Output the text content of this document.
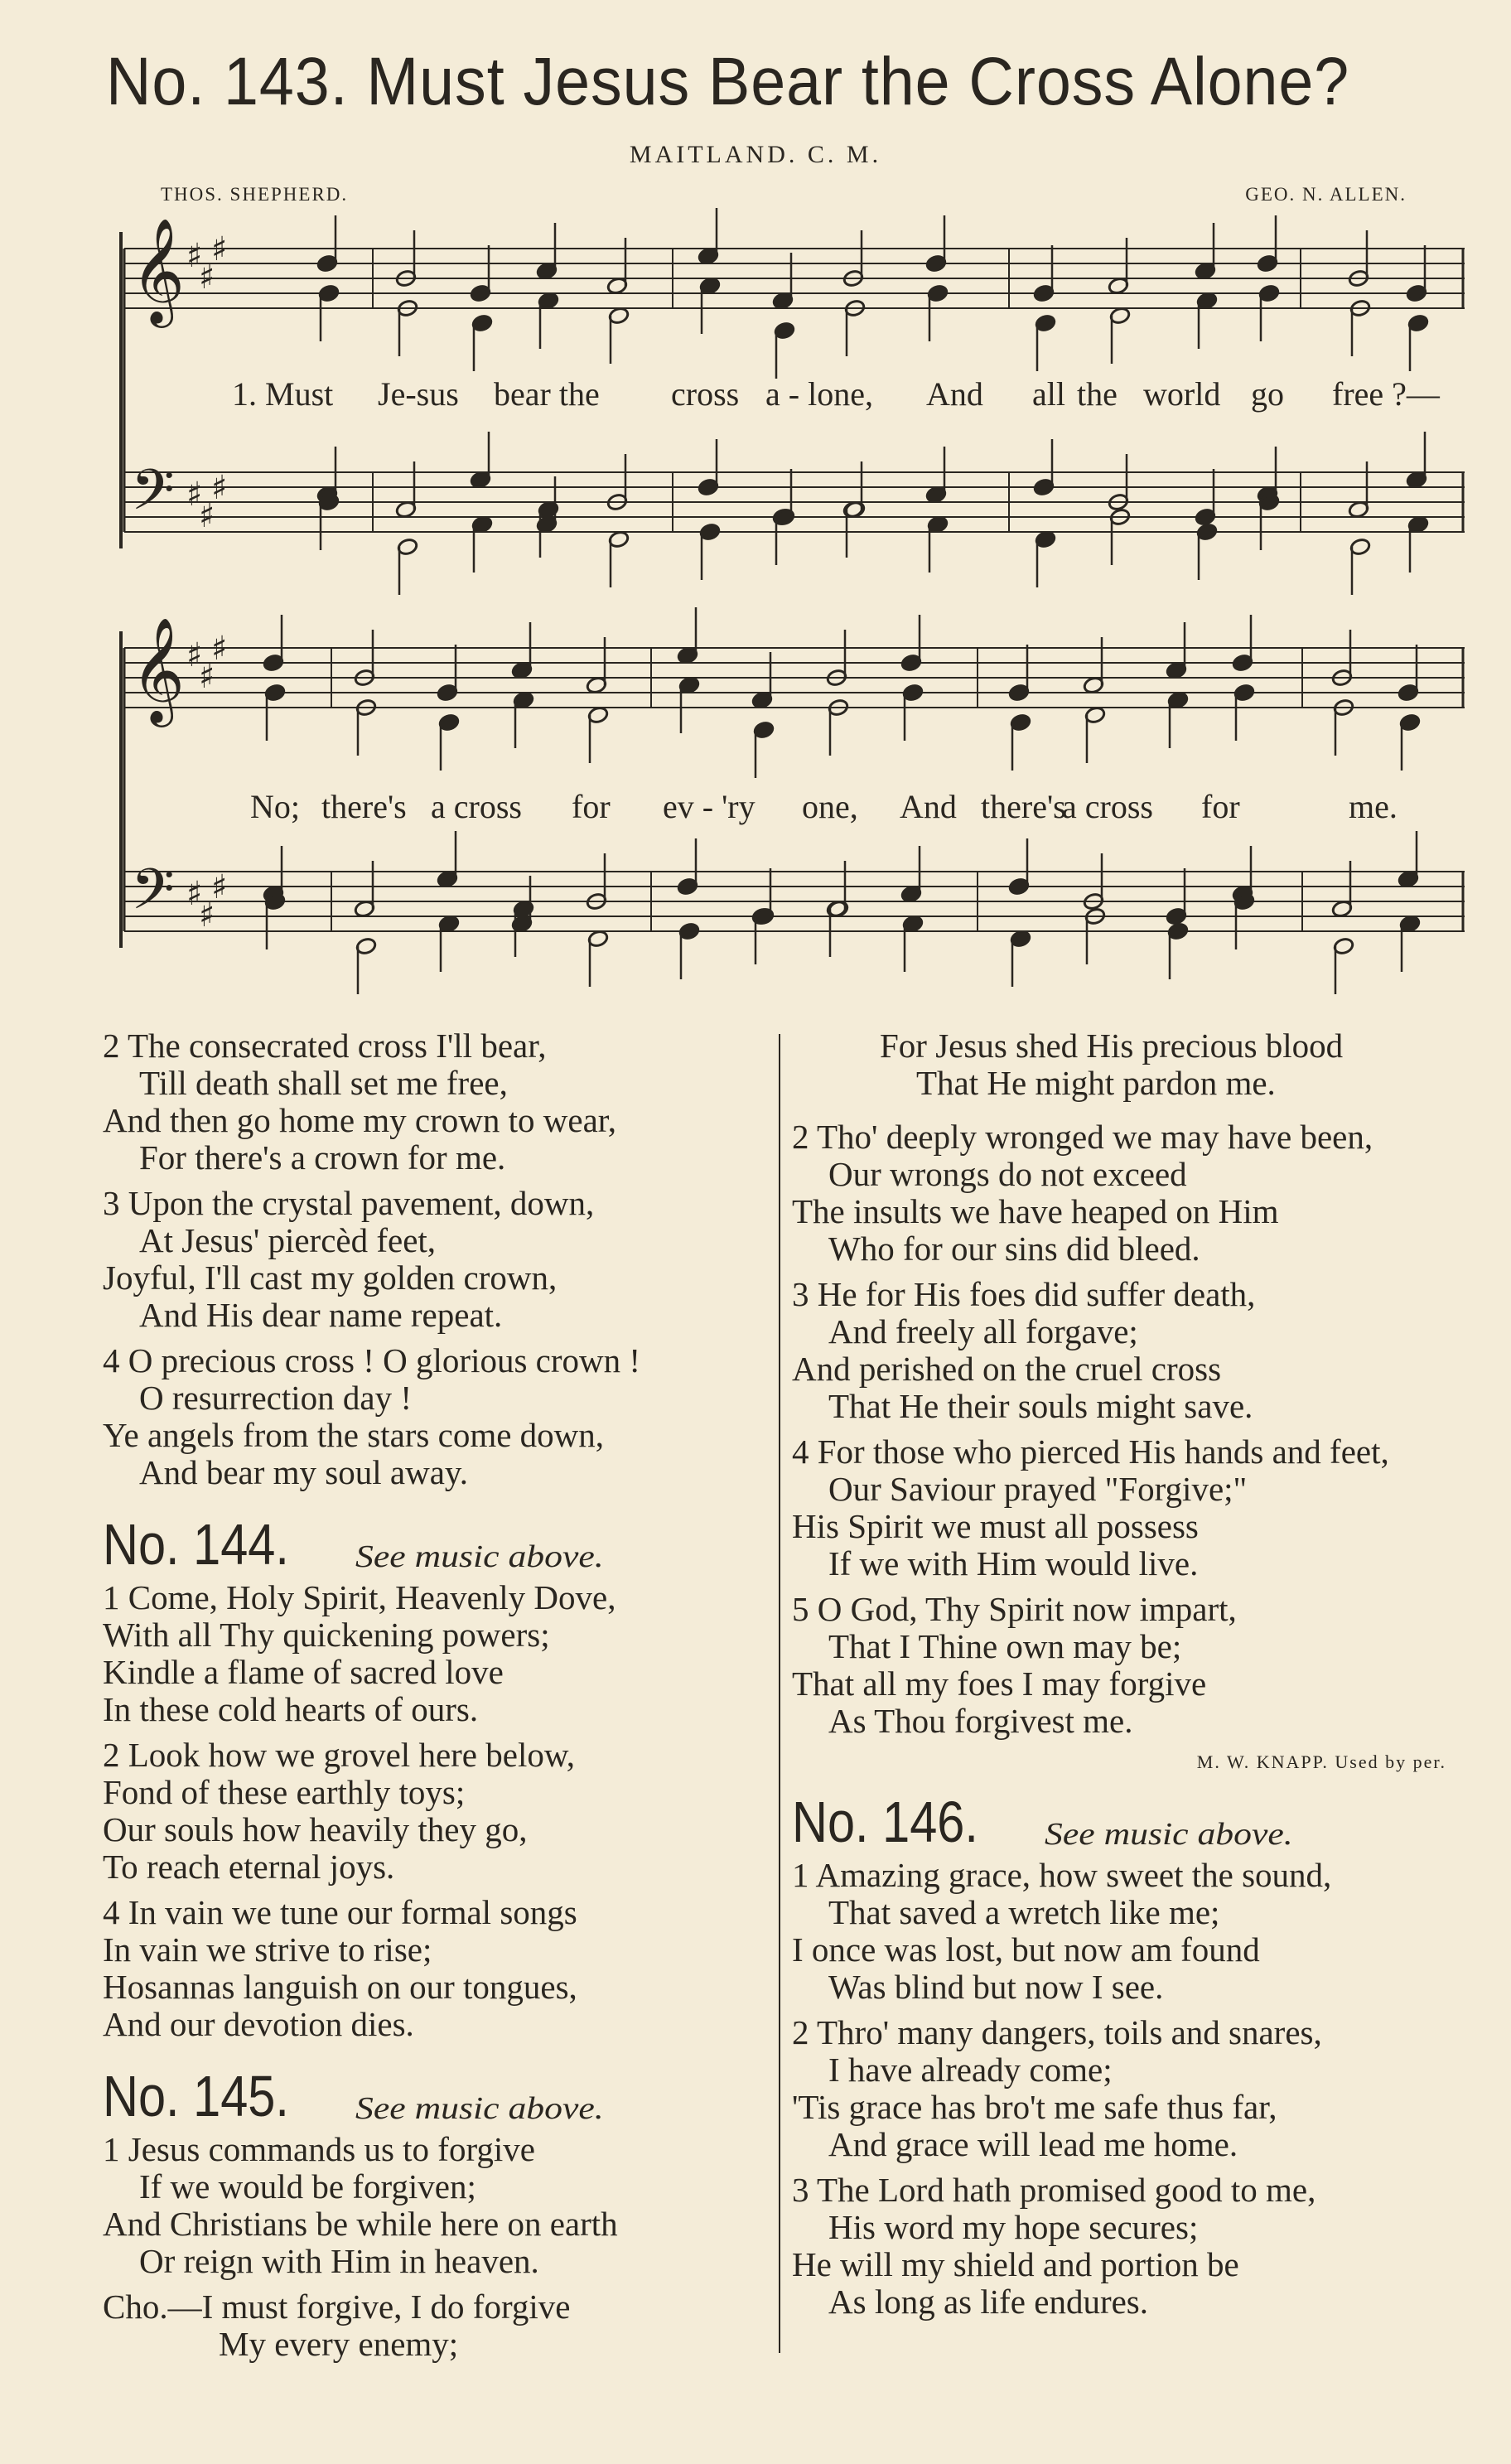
No. 143. Must Jesus Bear the Cross Alone?
MAITLAND. C. M.
THOS. SHEPHERD.	GEO. N. ALLEN.
𝄞
𝄢
♯
♯
♯
♯
♯
♯
𝄞
𝄢
♯
♯
♯
♯
♯
♯
1. Must Je-sus bear the cross a - lone, And all the world go free ?—
No; there's a cross for ev - 'ry one, And there's
a cross for	me.
2 The consecrated cross I'll bear,
Till death shall set me free,
And then go home my crown to wear,
For there's a crown for me.
3 Upon the crystal pavement, down,
At Jesus' piercèd feet,
Joyful, I'll cast my golden crown,
And His dear name repeat.
4 O precious cross ! O glorious crown !
O resurrection day !
Ye angels from the stars come down,
And bear my soul away.
No. 144. See music above.
1 Come, Holy Spirit, Heavenly Dove,
With all Thy quickening powers;
Kindle a flame of sacred love
In these cold hearts of ours.
2 Look how we grovel here below,
Fond of these earthly toys;
Our souls how heavily they go,
To reach eternal joys.
4 In vain we tune our formal songs
In vain we strive to rise;
Hosannas languish on our tongues,
And our devotion dies.
No. 145. See music above.
1 Jesus commands us to forgive
If we would be forgiven;
And Christians be while here on earth
Or reign with Him in heaven.
Cho.—I must forgive, I do forgive
My every enemy;
For Jesus shed His precious blood
That He might pardon me.
2 Tho' deeply wronged we may have been,
Our wrongs do not exceed
The insults we have heaped on Him
Who for our sins did bleed.
3 He for His foes did suffer death,
And freely all forgave;
And perished on the cruel cross
That He their souls might save.
4 For those who pierced His hands and feet,
Our Saviour prayed "Forgive;"
His Spirit we must all possess
If we with Him would live.
5 O God, Thy Spirit now impart,
That I Thine own may be;
That all my foes I may forgive
As Thou forgivest me.
M. W. KNAPP. Used by per.
No. 146. See music above.
1 Amazing grace, how sweet the sound,
That saved a wretch like me;
I once was lost, but now am found
Was blind but now I see.
2 Thro' many dangers, toils and snares,
I have already come;
'Tis grace has bro't me safe thus far,
And grace will lead me home.
3 The Lord hath promised good to me,
His word my hope secures;
He will my shield and portion be
As long as life endures.
